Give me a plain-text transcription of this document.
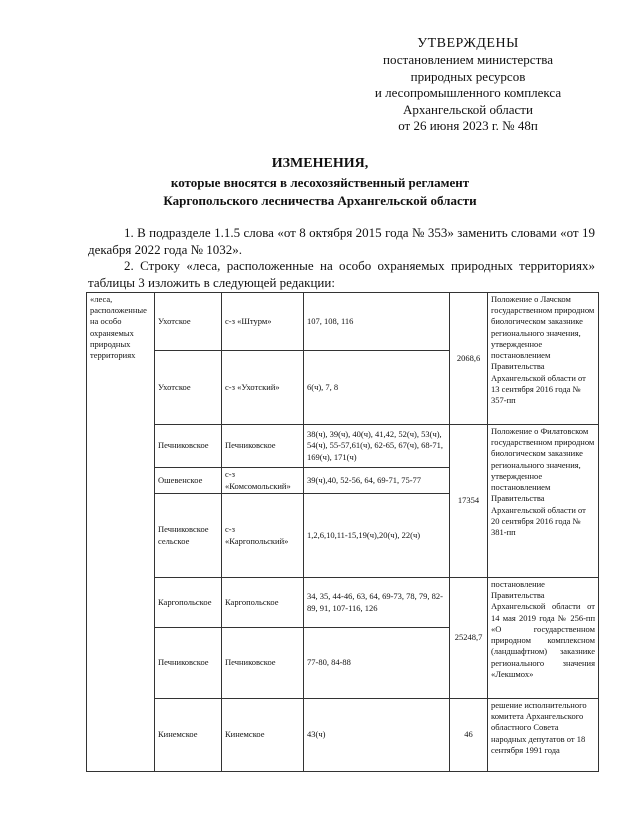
УТВЕРЖДЕНЫ
постановлением министерства
природных ресурсов
и лесопромышленного комплекса
Архангельской области
от 26 июня 2023 г. № 48п
ИЗМЕНЕНИЯ,
которые вносятся в лесохозяйственный регламент
Каргопольского лесничества Архангельской области
1. В подразделе 1.1.5 слова «от 8 октября 2015 года № 353» заменить словами «от 19 декабря 2022 года № 1032».
2. Строку «леса, расположенные на особо охраняемых природных территориях» таблицы 3 изложить в следующей редакции:
«леса, расположенные на особо охраняемых природных территориях	Ухотское	с-з «Штурм»	107, 108, 116	2068,6	Положение о Лачском государственном природном биологическом заказнике регионального значения, утвержденное постановлением Правительства Архангельской области от 13 сентября 2016 года № 357-пп
	Ухотское	с-з «Ухотский»	6(ч), 7, 8		
	Печниковское	Печниковское	38(ч), 39(ч), 40(ч), 41,42, 52(ч), 53(ч), 54(ч), 55-57,61(ч), 62-65, 67(ч), 68-71, 169(ч), 171(ч)	17354	Положение о Филатовском государственном природном биологическом заказнике регионального значения, утвержденное постановлением Правительства Архангельской области от 20 сентября 2016 года № 381-пп
	Ошевенское	с-з «Комсомольский»	39(ч),40, 52-56, 64, 69-71, 75-77		
	Печниковское сельское	с-з «Каргопольский»	1,2,6,10,11-15,19(ч),20(ч), 22(ч)		
	Каргопольское	Каргопольское	34, 35, 44-46, 63, 64, 69-73, 78, 79, 82-89, 91, 107-116, 126	25248,7	постановление Правительства Архангельской области от 14 мая 2019 года № 256-пп «О государственном природном комплексном (ландшафтном) заказнике регионального значения «Лекшмох»
	Печниковское	Печниковское	77-80, 84-88		
	Кинемское	Кинемское	43(ч)	46	решение исполнительного комитета Архангельского областного Совета народных депутатов от 18 сентября 1991 года
